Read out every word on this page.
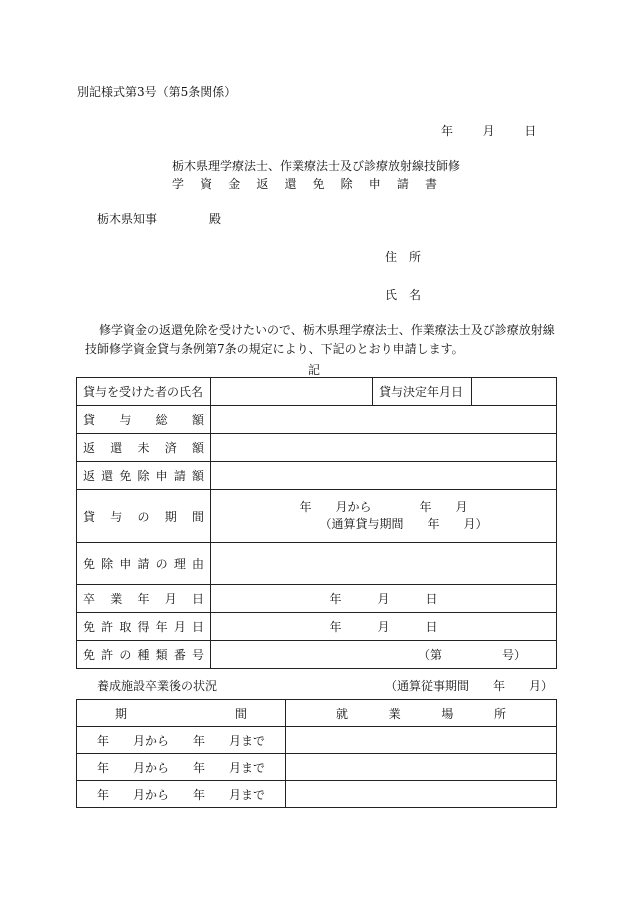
別記様式第3号（第5条関係）
年 月 日
栃木県理学療法士、作業療法士及び診療放射線技師修
学資金返還免除申請書
栃木県知事	殿
住　所
氏　名

修学資金の返還免除を受けたいので、栃木県理学療法士、作業療法士及び診療放射線

技師修学資金貸与条例第7条の規定により、下記のとおり申請します。

記
貸与を受けた者の氏名		貸与決定年月日	
貸与総額			
返還未済額			
返還免除申請額			
貸与の期間	年　　月から　　　　年　　月
（通算貸与期間　　年　　月）		

免除申請の理由			
卒業年月日	年　　　月　　　日		
免許取得年月日	年　　　月　　　日		
免許の種類番号	（第　　　　　号）		
養成施設卒業後の状況	（通算従事期間　　年　　月）
期間	就業場所

年　　月から　　年　　月まで	
年　　月から　　年　　月まで	
年　　月から　　年　　月まで	
